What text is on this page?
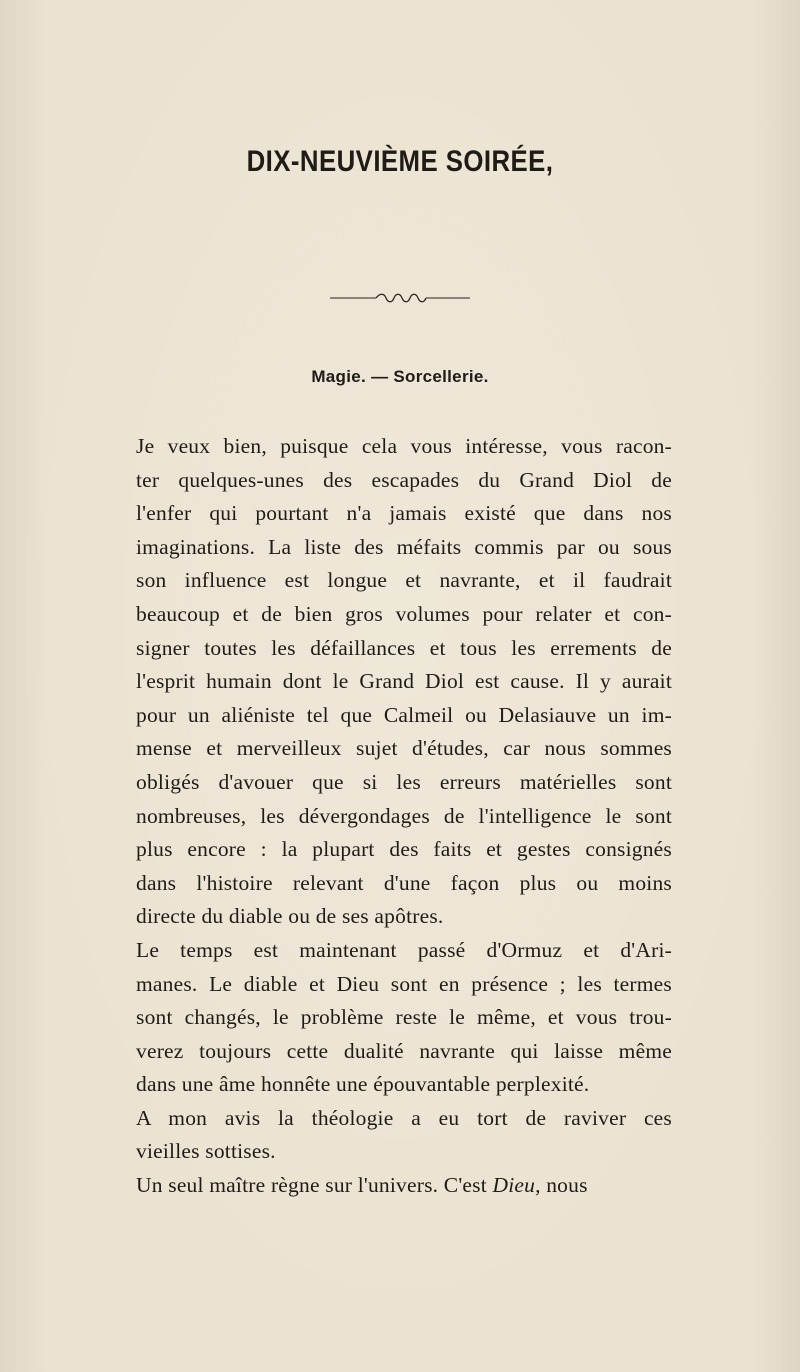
DIX-NEUVIÈME SOIRÉE,
Magie. — Sorcellerie.
Je veux bien, puisque cela vous intéresse, vous racon-
ter quelques-unes des escapades du Grand Diol de
l'enfer qui pourtant n'a jamais existé que dans nos
imaginations. La liste des méfaits commis par ou sous
son influence est longue et navrante, et il faudrait
beaucoup et de bien gros volumes pour relater et con-
signer toutes les défaillances et tous les errements de
l'esprit humain dont le Grand Diol est cause. Il y aurait
pour un aliéniste tel que Calmeil ou Delasiauve un im-
mense et merveilleux sujet d'études, car nous sommes
obligés d'avouer que si les erreurs matérielles sont
nombreuses, les dévergondages de l'intelligence le sont
plus encore : la plupart des faits et gestes consignés
dans l'histoire relevant d'une façon plus ou moins
directe du diable ou de ses apôtres.
Le temps est maintenant passé d'Ormuz et d'Ari-
manes. Le diable et Dieu sont en présence ; les termes
sont changés, le problème reste le même, et vous trou-
verez toujours cette dualité navrante qui laisse même
dans une âme honnête une épouvantable perplexité.
A mon avis la théologie a eu tort de raviver ces
vieilles sottises.
Un seul maître règne sur l'univers. C'est Dieu, nous
